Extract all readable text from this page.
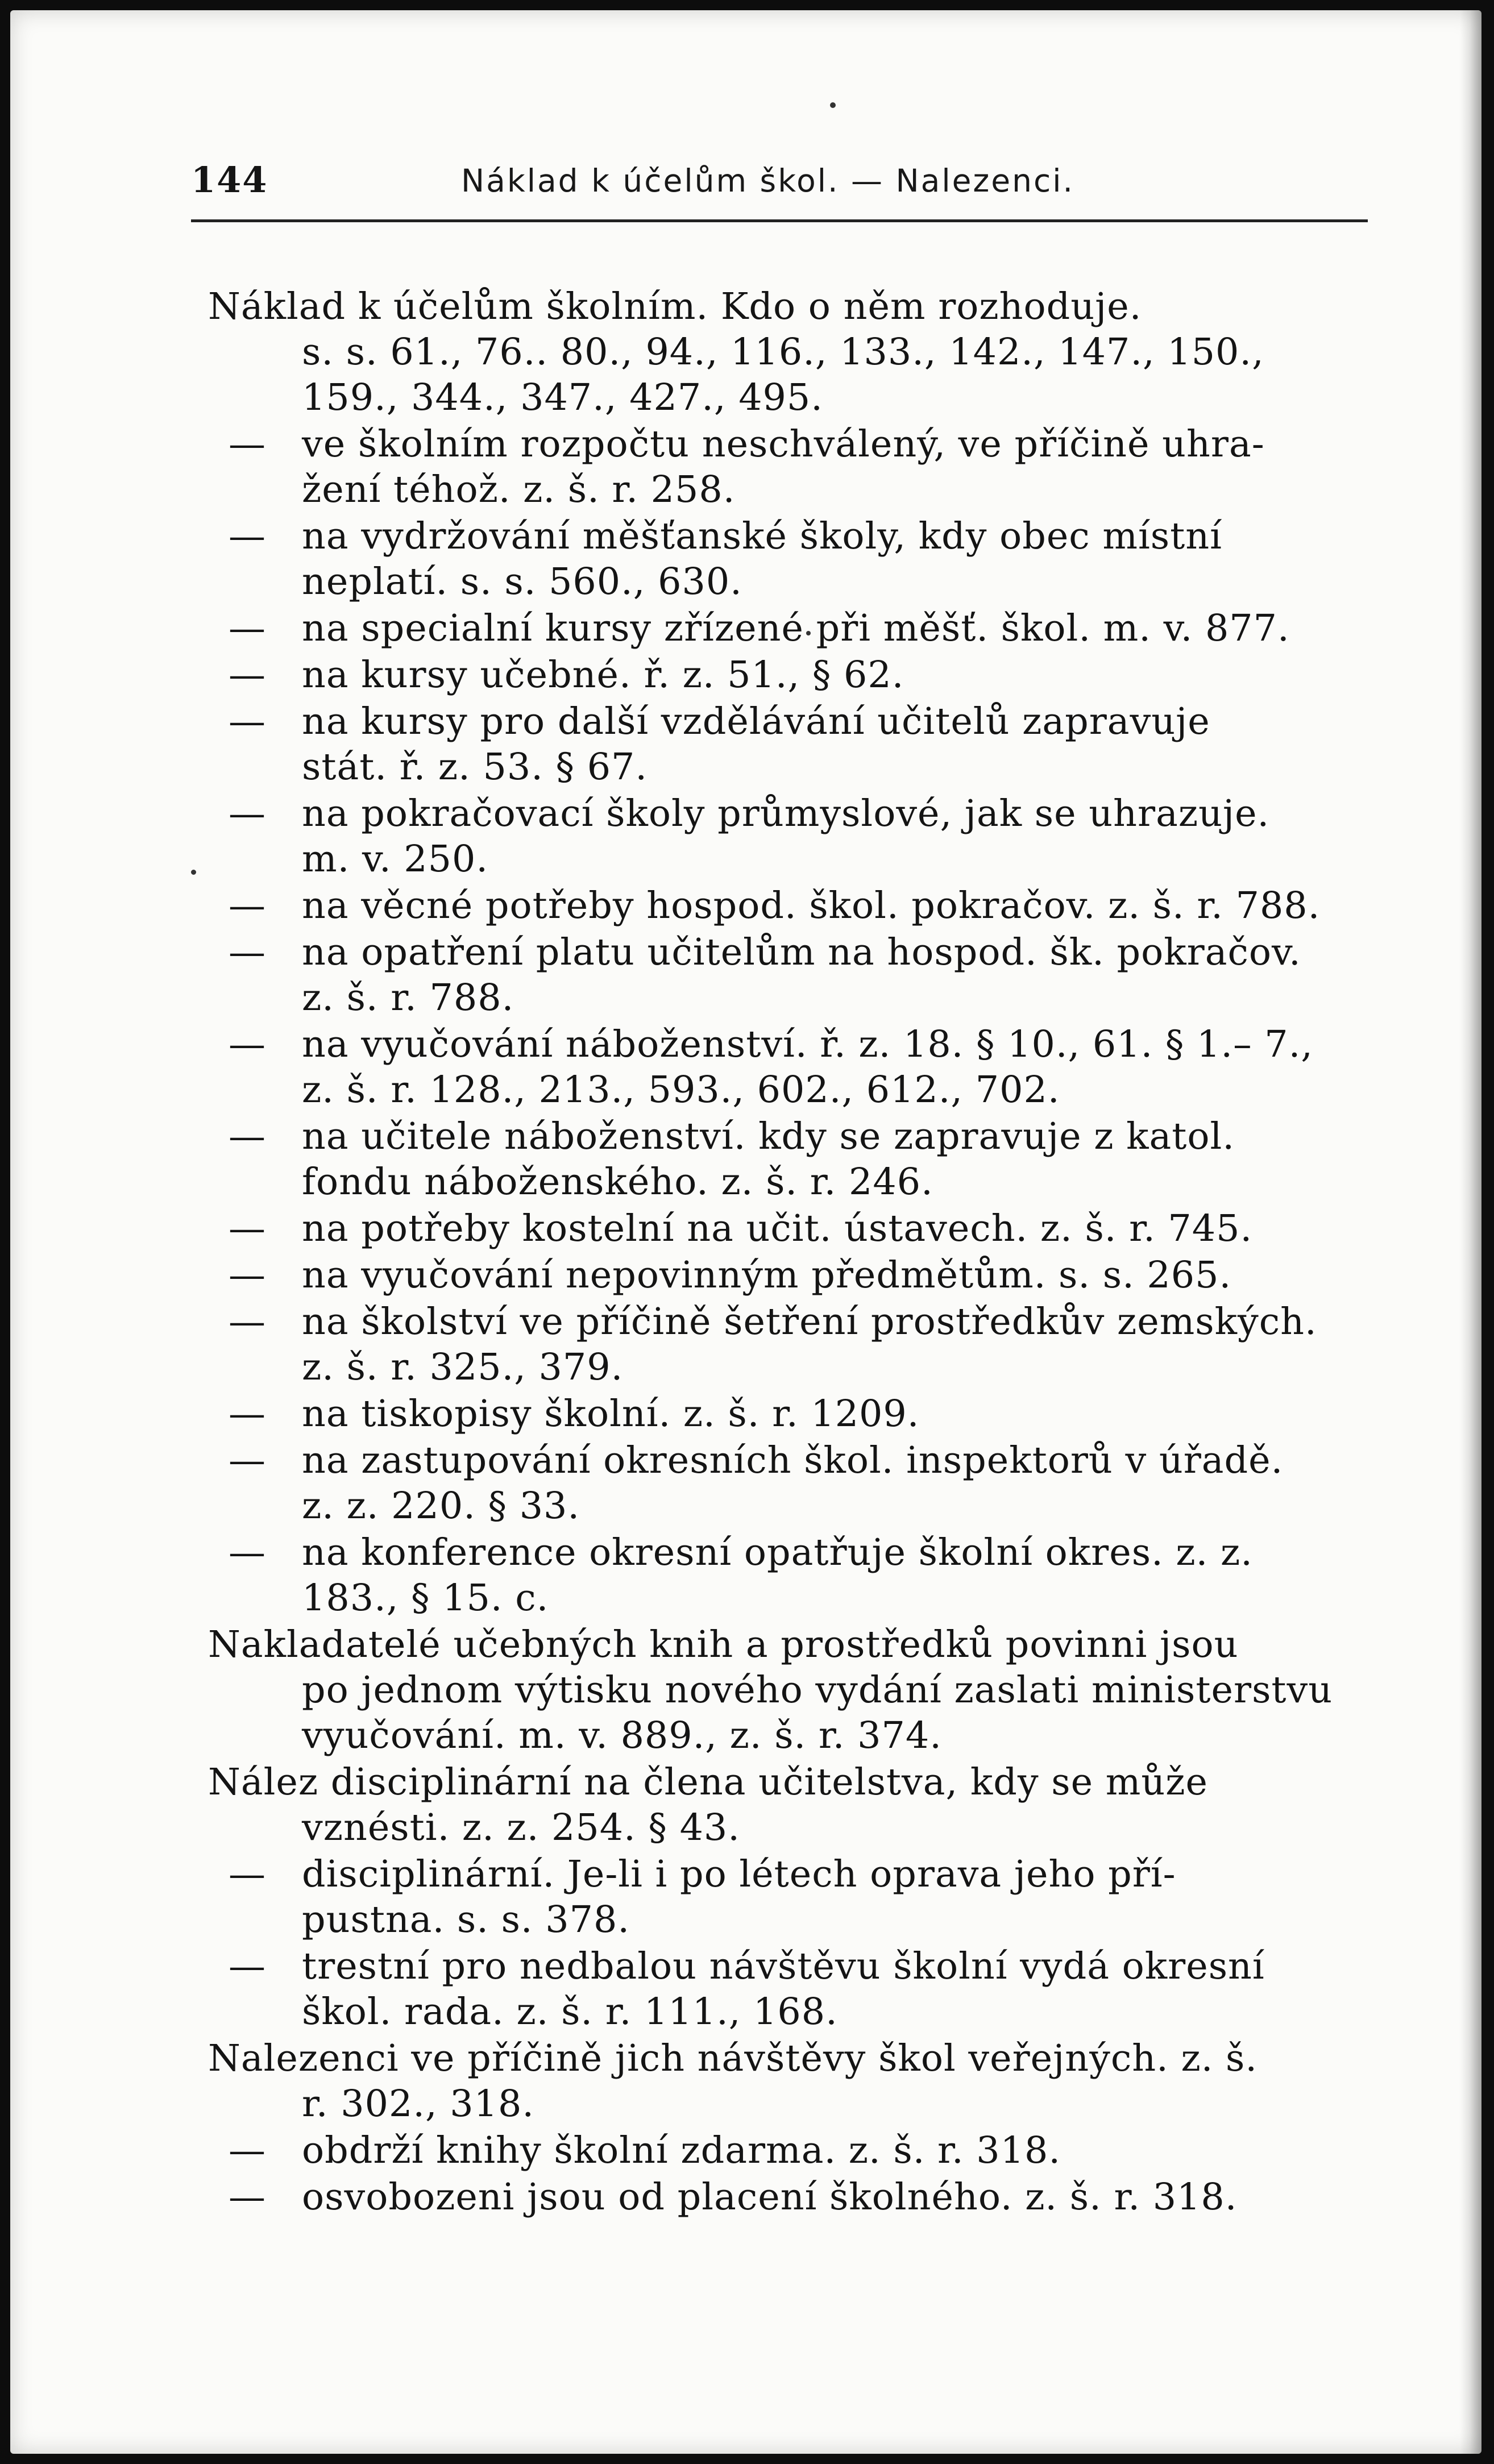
144	Náklad k účelům škol. — Nalezenci.
Náklad k účelům školním. Kdo o něm rozhoduje.
s. s. 61., 76.. 80., 94., 116., 133., 142., 147., 150.,
159., 344., 347., 427., 495.
— ve školním rozpočtu neschválený, ve příčině uhra-
žení téhož. z. š. r. 258.
— na vydržování měšťanské školy, kdy obec místní
neplatí. s. s. 560., 630.
— na specialní kursy zřízené při měšť. škol. m. v. 877.
— na kursy učebné. ř. z. 51., § 62.
— na kursy pro další vzdělávání učitelů zapravuje
stát. ř. z. 53. § 67.
— na pokračovací školy průmyslové, jak se uhrazuje.
m. v. 250.
— na věcné potřeby hospod. škol. pokračov. z. š. r. 788.
— na opatření platu učitelům na hospod. šk. pokračov.
z. š. r. 788.
— na vyučování náboženství. ř. z. 18. § 10., 61. § 1.– 7.,
z. š. r. 128., 213., 593., 602., 612., 702.
— na učitele náboženství. kdy se zapravuje z katol.
fondu náboženského. z. š. r. 246.
— na potřeby kostelní na učit. ústavech. z. š. r. 745.
— na vyučování nepovinným předmětům. s. s. 265.
— na školství ve příčině šetření prostředkův zemských.
z. š. r. 325., 379.
— na tiskopisy školní. z. š. r. 1209.
— na zastupování okresních škol. inspektorů v úřadě.
z. z. 220. § 33.
— na konference okresní opatřuje školní okres. z. z.
183., § 15. c.
Nakladatelé učebných knih a prostředků povinni jsou
po jednom výtisku nového vydání zaslati ministerstvu
vyučování. m. v. 889., z. š. r. 374.
Nález disciplinární na člena učitelstva, kdy se může
vznésti. z. z. 254. § 43.
— disciplinární. Je-li i po létech oprava jeho pří-
pustna. s. s. 378.
— trestní pro nedbalou návštěvu školní vydá okresní
škol. rada. z. š. r. 111., 168.
Nalezenci ve příčině jich návštěvy škol veřejných. z. š.
r. 302., 318.
— obdrží knihy školní zdarma. z. š. r. 318.
— osvobozeni jsou od placení školného. z. š. r. 318.
